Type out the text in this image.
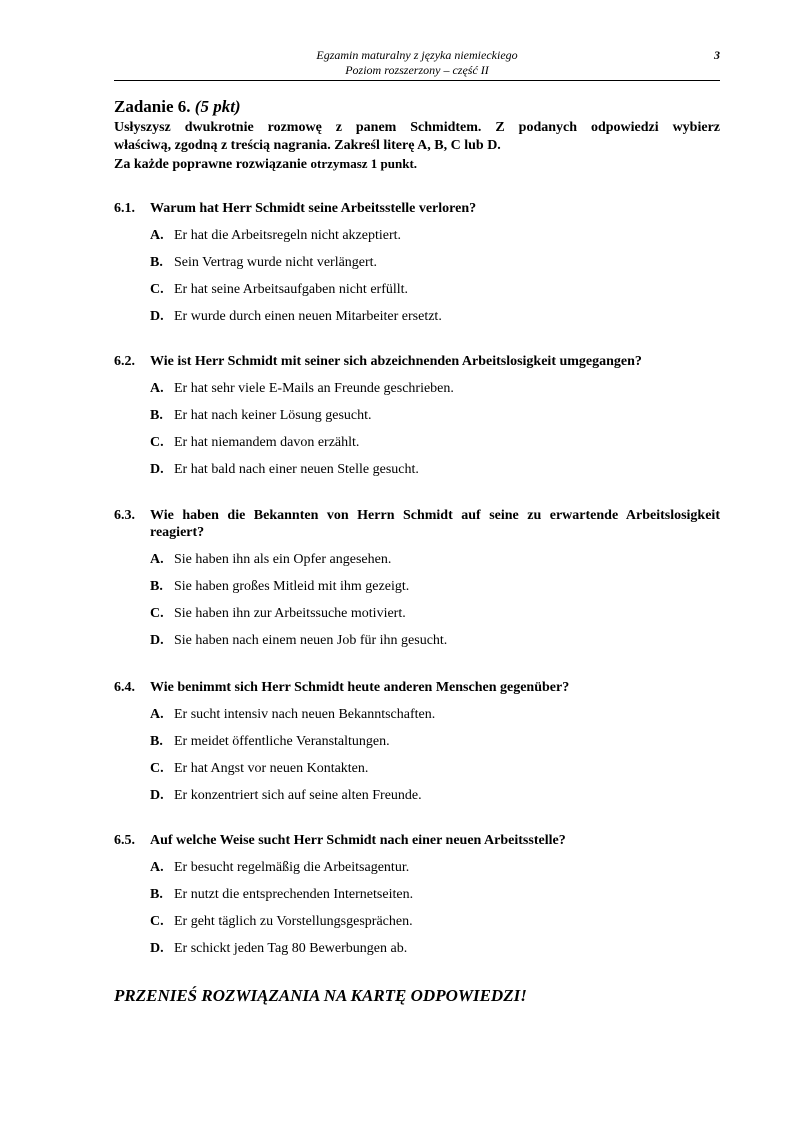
Egzamin maturalny z języka niemieckiego
Poziom rozszerzony – część II
3
Zadanie 6. (5 pkt)
Usłyszysz dwukrotnie rozmowę z panem Schmidtem. Z podanych odpowiedzi wybierz
właściwą, zgodną z treścią nagrania. Zakreśl literę A, B, C lub D.
Za każde poprawne rozwiązanie otrzymasz 1 punkt.
6.1.	Warum hat Herr Schmidt seine Arbeitsstelle verloren?
A. Er hat die Arbeitsregeln nicht akzeptiert.
B. Sein Vertrag wurde nicht verlängert.
C. Er hat seine Arbeitsaufgaben nicht erfüllt.
D. Er wurde durch einen neuen Mitarbeiter ersetzt.
6.2.	Wie ist Herr Schmidt mit seiner sich abzeichnenden Arbeitslosigkeit umgegangen?
A. Er hat sehr viele E-Mails an Freunde geschrieben.
B. Er hat nach keiner Lösung gesucht.
C. Er hat niemandem davon erzählt.
D. Er hat bald nach einer neuen Stelle gesucht.
6.3.	Wie haben die Bekannten von Herrn Schmidt auf seine zu erwartende Arbeitslosigkeit reagiert?
A. Sie haben ihn als ein Opfer angesehen.
B. Sie haben großes Mitleid mit ihm gezeigt.
C. Sie haben ihn zur Arbeitssuche motiviert.
D. Sie haben nach einem neuen Job für ihn gesucht.
6.4.	Wie benimmt sich Herr Schmidt heute anderen Menschen gegenüber?
A. Er sucht intensiv nach neuen Bekanntschaften.
B. Er meidet öffentliche Veranstaltungen.
C. Er hat Angst vor neuen Kontakten.
D. Er konzentriert sich auf seine alten Freunde.
6.5.	Auf welche Weise sucht Herr Schmidt nach einer neuen Arbeitsstelle?
A. Er besucht regelmäßig die Arbeitsagentur.
B. Er nutzt die entsprechenden Internetseiten.
C. Er geht täglich zu Vorstellungsgesprächen.
D. Er schickt jeden Tag 80 Bewerbungen ab.
PRZENIEŚ ROZWIĄZANIA NA KARTĘ ODPOWIEDZI!
